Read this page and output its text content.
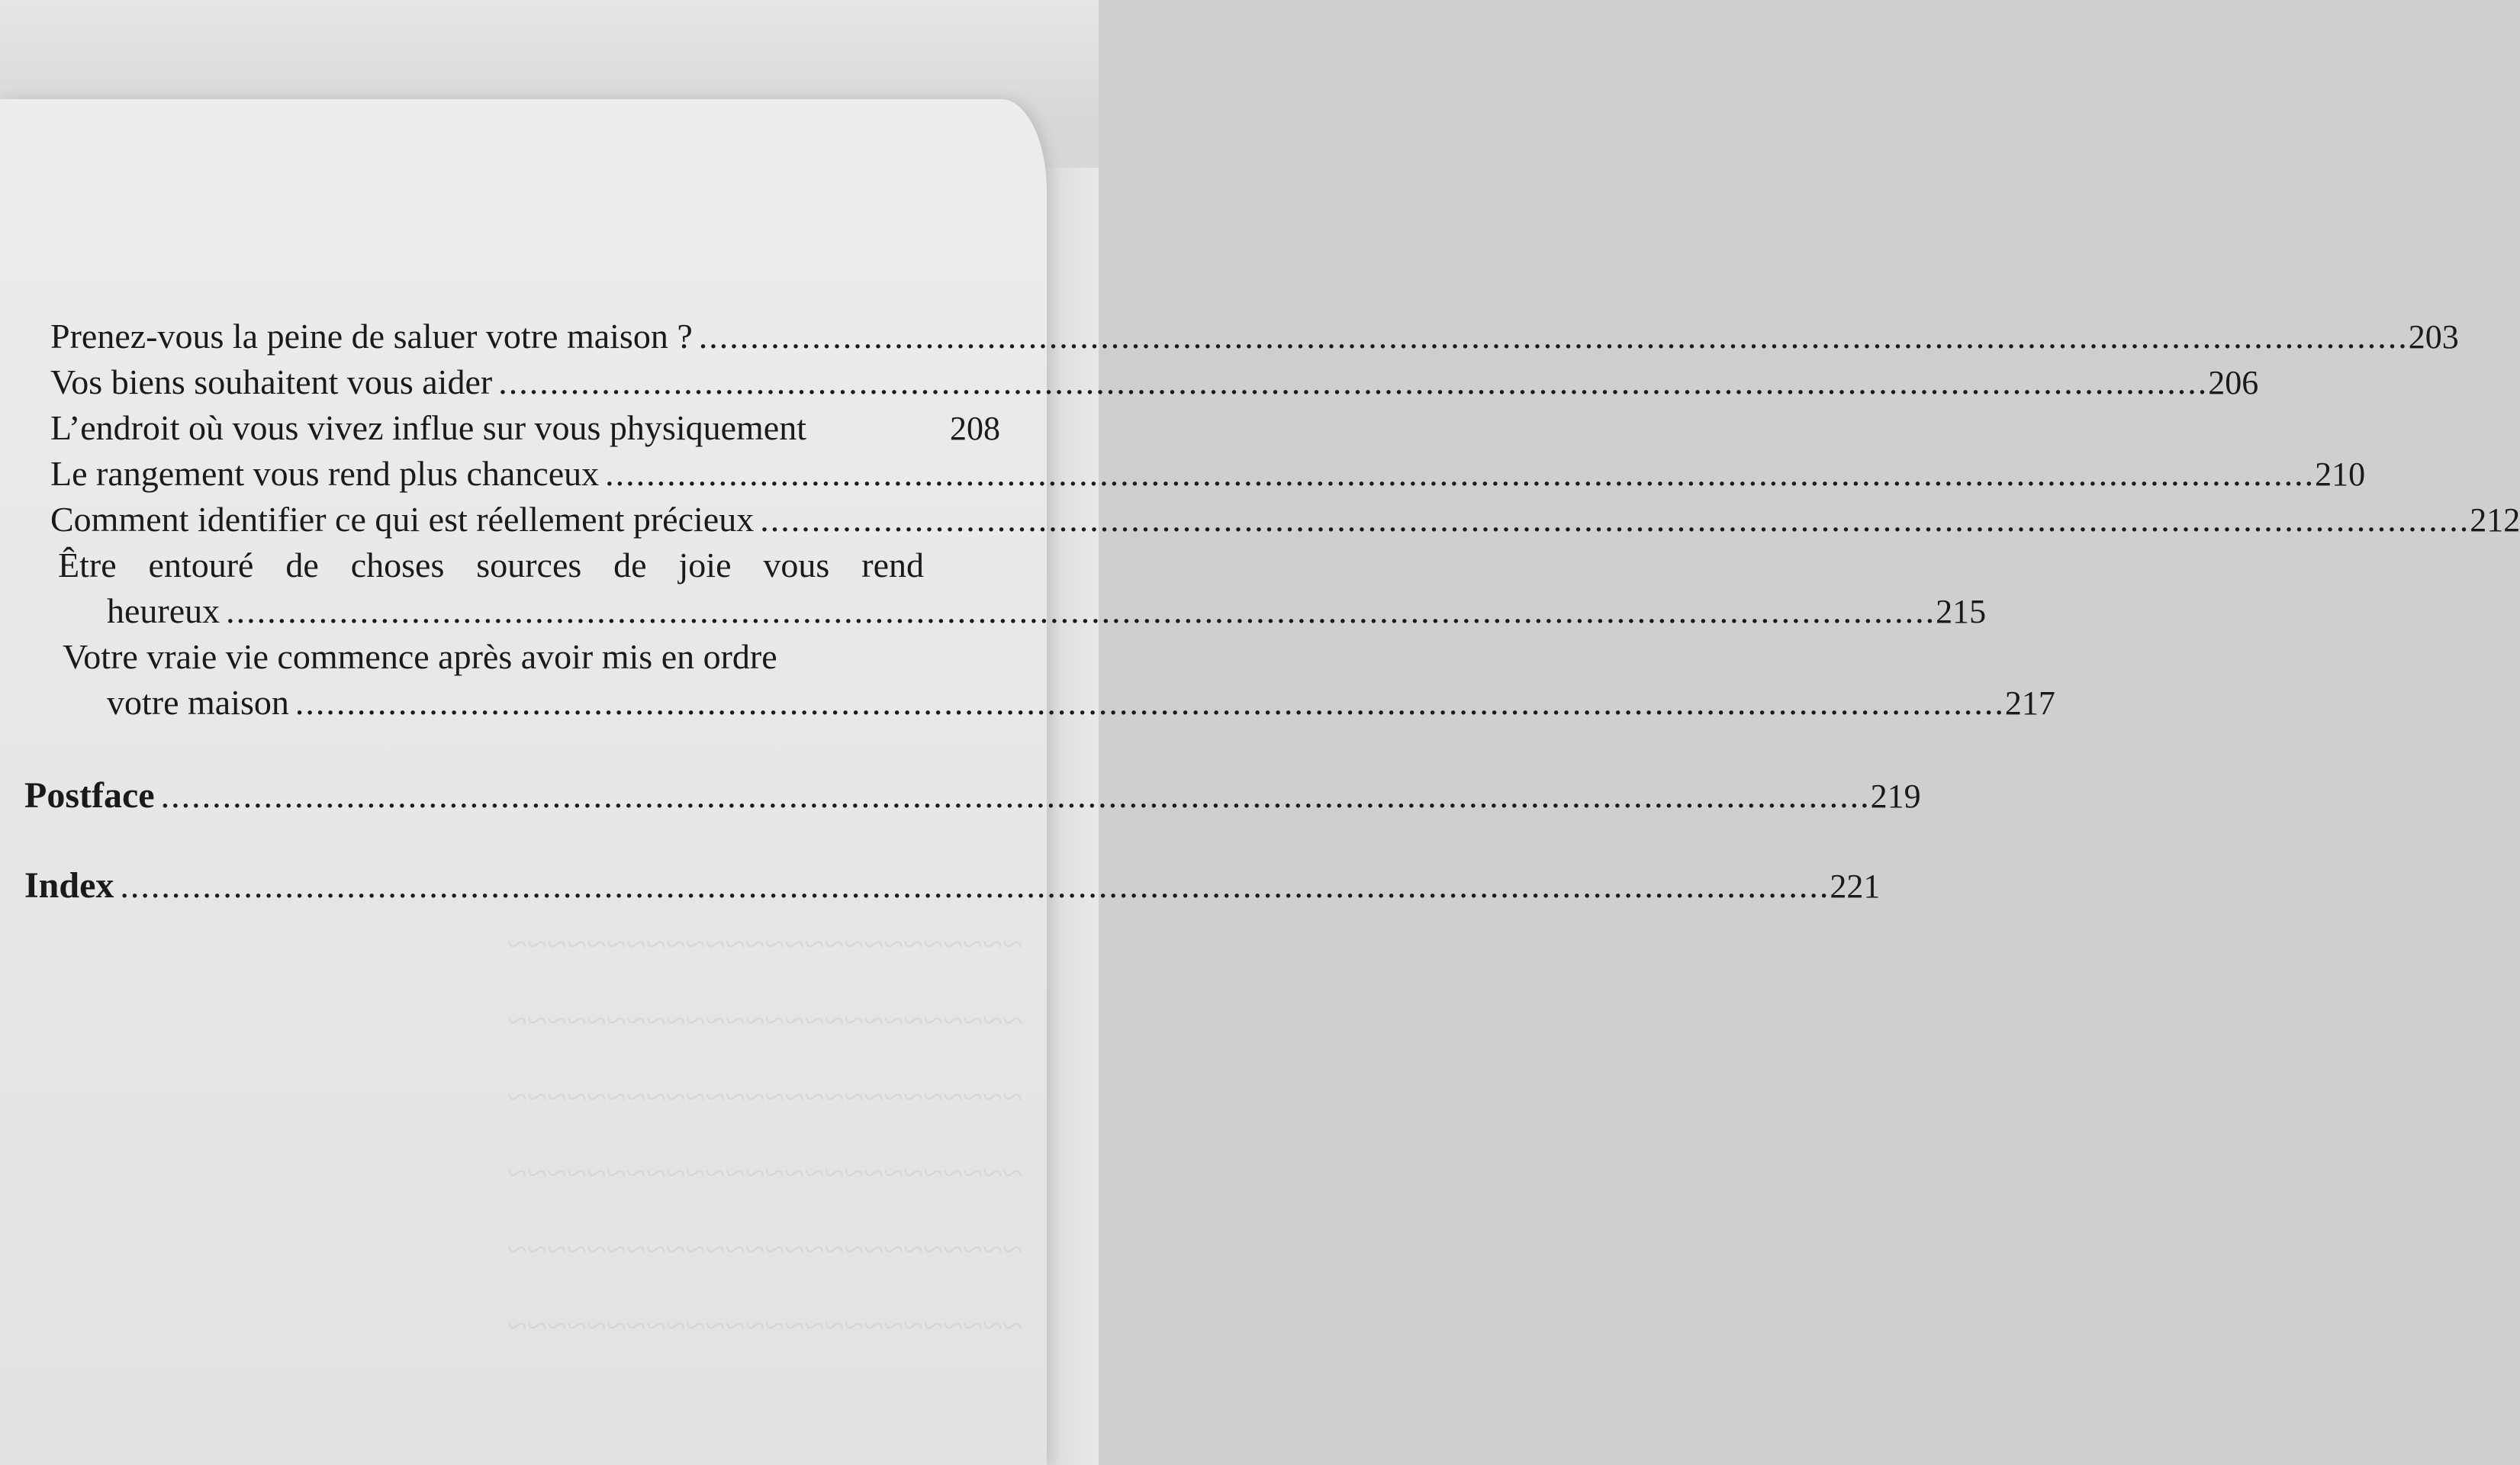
~~~~~~~~~~~~~~~~~~~~~~~~~~
~~~~~~~~~~~~~~~~~~~~~~~~~~
~~~~~~~~~~~~~~~~~~~~~~~~~~
~~~~~~~~~~~~~~~~~~~~~~~~~~
~~~~~~~~~~~~~~~~~~~~~~~~~~
~~~~~~~~~~~~~~~~~~~~~~~~~~
Prenez-vous la peine de saluer votre maison ? ...................................................................................................................................................................... 203
Vos biens souhaitent vous aider ...................................................................................................................................................................... 206
L’endroit où vous vivez influe sur vous physiquement	208
Le rangement vous rend plus chanceux ...................................................................................................................................................................... 210
Comment identifier ce qui est réellement précieux ...................................................................................................................................................................... 212
Être entouré de choses sources de joie vous rend
heureux ...................................................................................................................................................................... 215
Votre vraie vie commence après avoir mis en ordre
votre maison ...................................................................................................................................................................... 217
Postface ...................................................................................................................................................................... 219
Index ...................................................................................................................................................................... 221
